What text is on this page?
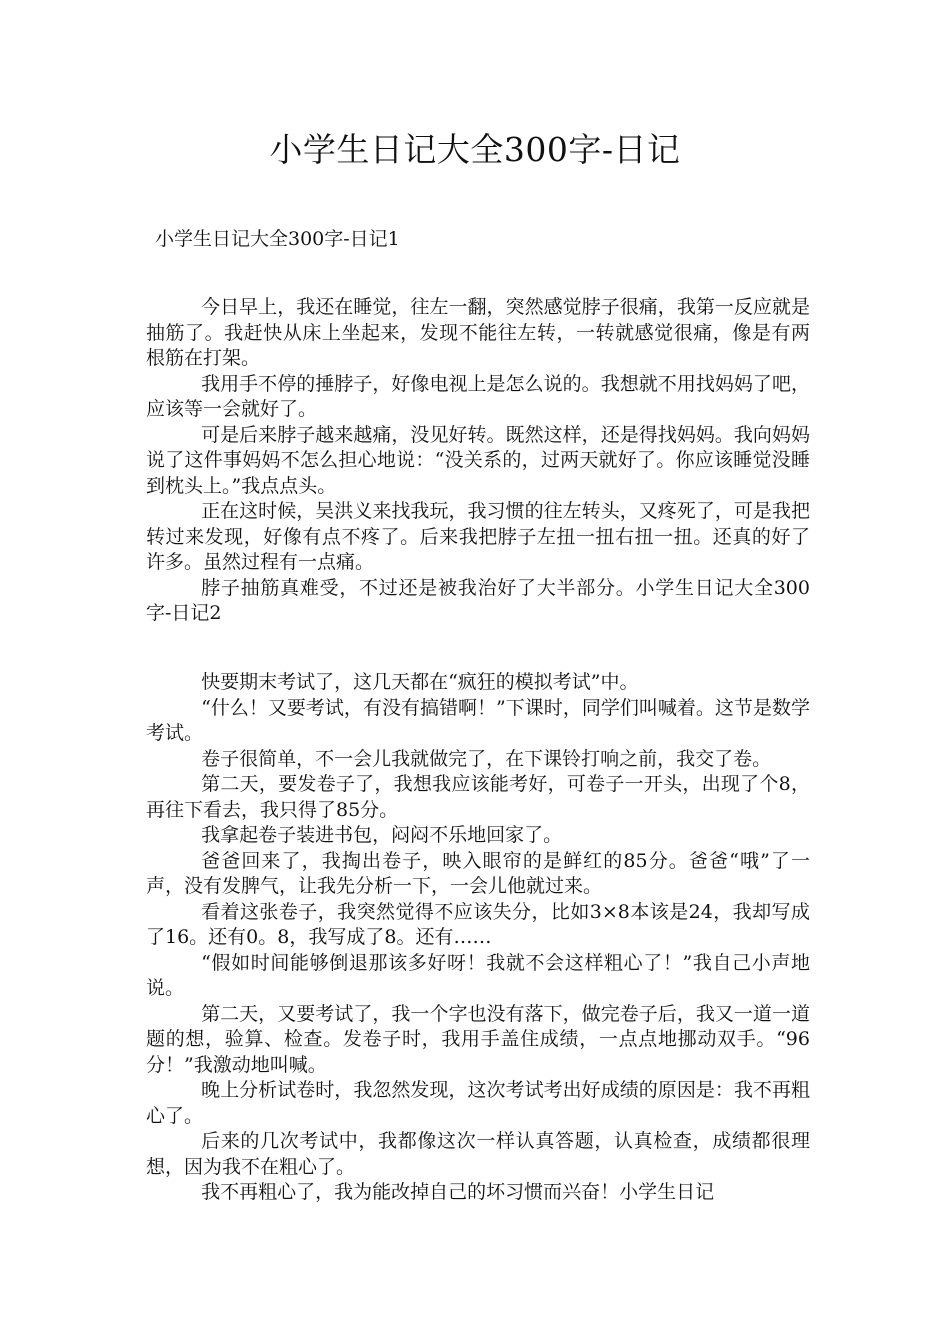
小学生日记大全300字-日记
小学生日记大全300字-日记1

今日早上，我还在睡觉，往左一翻，突然感觉脖子很痛，我第一反应就是抽筋了。我赶快从床上坐起来，发现不能往左转，一转就感觉很痛，像是有两根筋在打架。

我用手不停的捶脖子，好像电视上是怎么说的。我想就不用找妈妈了吧，应该等一会就好了。

可是后来脖子越来越痛，没见好转。既然这样，还是得找妈妈。我向妈妈说了这件事妈妈不怎么担心地说：“没关系的，过两天就好了。你应该睡觉没睡到枕头上。”我点点头。

正在这时候，吴洪义来找我玩，我习惯的往左转头，又疼死了，可是我把转过来发现，好像有点不疼了。后来我把脖子左扭一扭右扭一扭。还真的好了许多。虽然过程有一点痛。

脖子抽筋真难受，不过还是被我治好了大半部分。小学生日记大全300字-日记2

快要期末考试了，这几天都在“疯狂的模拟考试”中。

“什么！又要考试，有没有搞错啊！”下课时，同学们叫喊着。这节是数学考试。

卷子很简单，不一会儿我就做完了，在下课铃打响之前，我交了卷。

第二天，要发卷子了，我想我应该能考好，可卷子一开头，出现了个8，再往下看去，我只得了85分。

我拿起卷子装进书包，闷闷不乐地回家了。

爸爸回来了，我掏出卷子，映入眼帘的是鲜红的85分。爸爸“哦”了一声，没有发脾气，让我先分析一下，一会儿他就过来。

看着这张卷子，我突然觉得不应该失分，比如3×8本该是24，我却写成了16。还有0。8，我写成了8。还有……

“假如时间能够倒退那该多好呀！我就不会这样粗心了！”我自己小声地说。

第二天，又要考试了，我一个字也没有落下，做完卷子后，我又一道一道题的想，验算、检查。发卷子时，我用手盖住成绩，一点点地挪动双手。“96分！”我激动地叫喊。

晚上分析试卷时，我忽然发现，这次考试考出好成绩的原因是：我不再粗心了。

后来的几次考试中，我都像这次一样认真答题，认真检查，成绩都很理想，因为我不在粗心了。

我不再粗心了，我为能改掉自己的坏习惯而兴奋！小学生日记
